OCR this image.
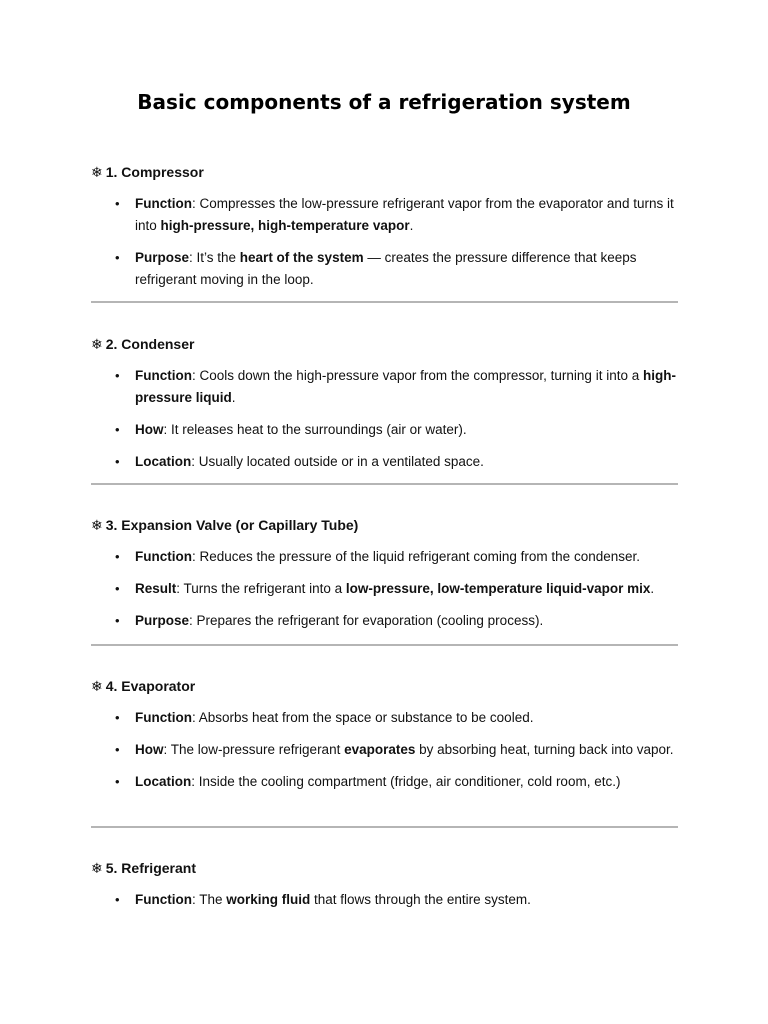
Basic components of a refrigeration system
❄ 1. Compressor
• Function: Compresses the low-pressure refrigerant vapor from the evaporator and turns it into high-pressure, high-temperature vapor.
• Purpose: It’s the heart of the system — creates the pressure difference that keeps refrigerant moving in the loop.
❄ 2. Condenser
• Function: Cools down the high-pressure vapor from the compressor, turning it into a high-pressure liquid.
• How: It releases heat to the surroundings (air or water).
• Location: Usually located outside or in a ventilated space.
❄ 3. Expansion Valve (or Capillary Tube)
• Function: Reduces the pressure of the liquid refrigerant coming from the condenser.
• Result: Turns the refrigerant into a low-pressure, low-temperature liquid-vapor mix.
• Purpose: Prepares the refrigerant for evaporation (cooling process).
❄ 4. Evaporator
• Function: Absorbs heat from the space or substance to be cooled.
• How: The low-pressure refrigerant evaporates by absorbing heat, turning back into vapor.
• Location: Inside the cooling compartment (fridge, air conditioner, cold room, etc.)
❄ 5. Refrigerant
• Function: The working fluid that flows through the entire system.
